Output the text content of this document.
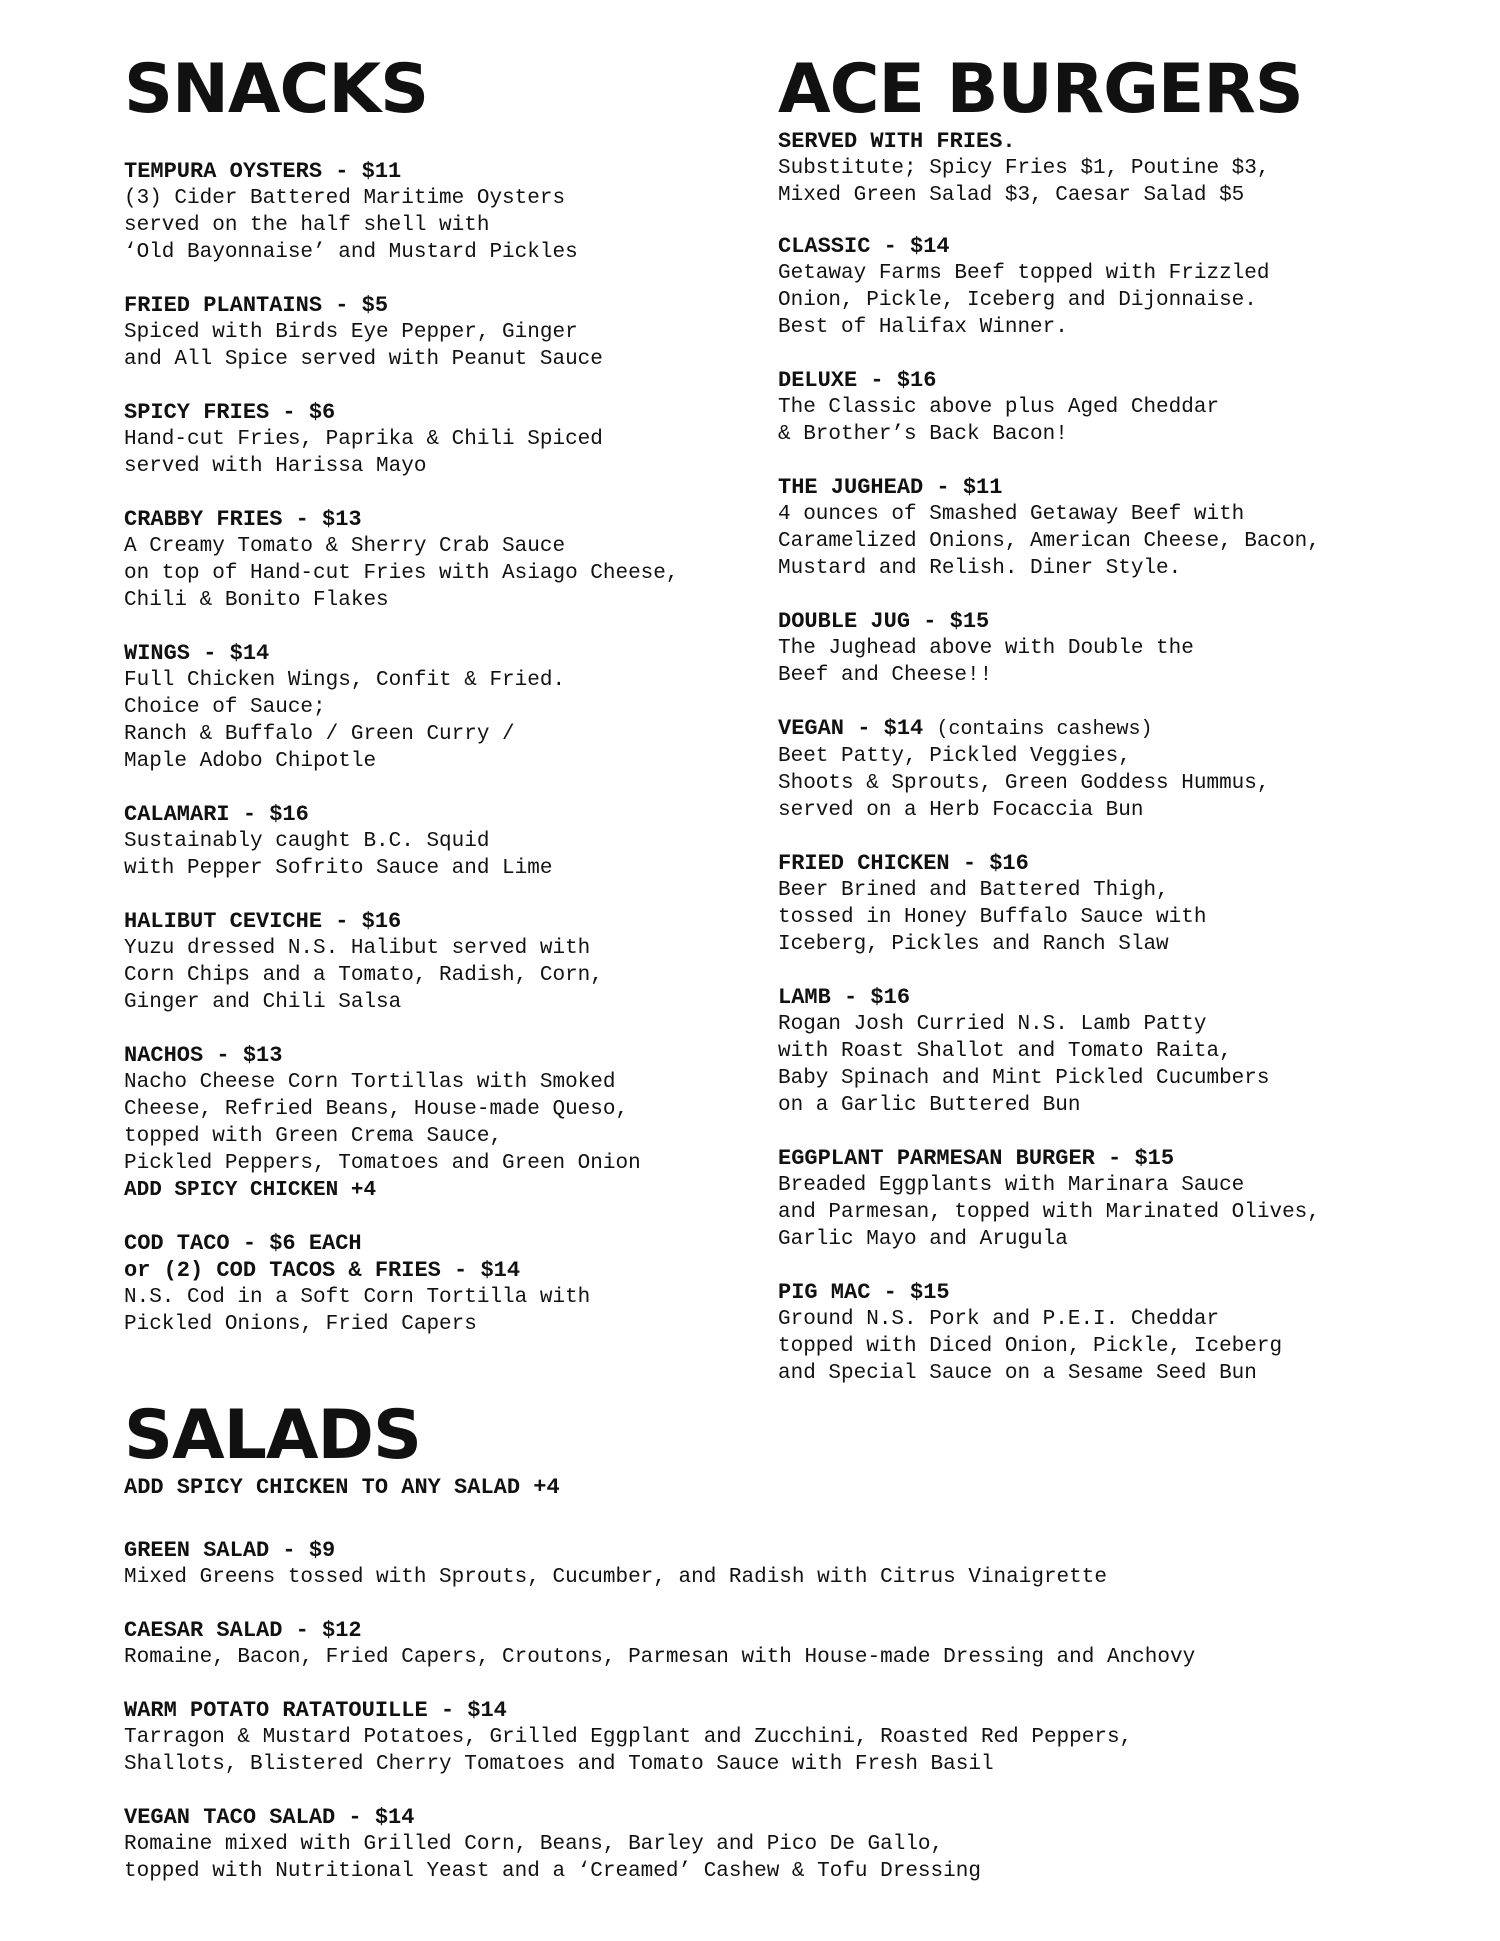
SNACKS
TEMPURA OYSTERS - $11
(3) Cider Battered Maritime Oysters
served on the half shell with
‘Old Bayonnaise’ and Mustard Pickles
FRIED PLANTAINS - $5
Spiced with Birds Eye Pepper, Ginger
and All Spice served with Peanut Sauce
SPICY FRIES - $6
Hand-cut Fries, Paprika & Chili Spiced
served with Harissa Mayo
CRABBY FRIES - $13
A Creamy Tomato & Sherry Crab Sauce
on top of Hand-cut Fries with Asiago Cheese,
Chili & Bonito Flakes
WINGS - $14
Full Chicken Wings, Confit & Fried.
Choice of Sauce;
Ranch & Buffalo / Green Curry /
Maple Adobo Chipotle
CALAMARI - $16
Sustainably caught B.C. Squid
with Pepper Sofrito Sauce and Lime
HALIBUT CEVICHE - $16
Yuzu dressed N.S. Halibut served with
Corn Chips and a Tomato, Radish, Corn,
Ginger and Chili Salsa
NACHOS - $13
Nacho Cheese Corn Tortillas with Smoked
Cheese, Refried Beans, House-made Queso,
topped with Green Crema Sauce,
Pickled Peppers, Tomatoes and Green Onion
ADD SPICY CHICKEN +4
COD TACO - $6 EACH
or (2) COD TACOS & FRIES - $14
N.S. Cod in a Soft Corn Tortilla with
Pickled Onions, Fried Capers
ACE BURGERS

SERVED WITH FRIES.

Substitute; Spicy Fries $1, Poutine $3,
Mixed Green Salad $3, Caesar Salad $5

CLASSIC - $14
Getaway Farms Beef topped with Frizzled
Onion, Pickle, Iceberg and Dijonnaise.
Best of Halifax Winner.
DELUXE - $16
The Classic above plus Aged Cheddar
& Brother’s Back Bacon!
THE JUGHEAD - $11
4 ounces of Smashed Getaway Beef with
Caramelized Onions, American Cheese, Bacon,
Mustard and Relish. Diner Style.
DOUBLE JUG - $15
The Jughead above with Double the
Beef and Cheese!!
VEGAN - $14 (contains cashews)
Beet Patty, Pickled Veggies,
Shoots & Sprouts, Green Goddess Hummus,
served on a Herb Focaccia Bun
FRIED CHICKEN - $16
Beer Brined and Battered Thigh,
tossed in Honey Buffalo Sauce with
Iceberg, Pickles and Ranch Slaw
LAMB - $16
Rogan Josh Curried N.S. Lamb Patty
with Roast Shallot and Tomato Raita,
Baby Spinach and Mint Pickled Cucumbers
on a Garlic Buttered Bun
EGGPLANT PARMESAN BURGER - $15
Breaded Eggplants with Marinara Sauce
and Parmesan, topped with Marinated Olives,
Garlic Mayo and Arugula
PIG MAC - $15
Ground N.S. Pork and P.E.I. Cheddar
topped with Diced Onion, Pickle, Iceberg
and Special Sauce on a Sesame Seed Bun
SALADS

ADD SPICY CHICKEN TO ANY SALAD +4

GREEN SALAD - $9
Mixed Greens tossed with Sprouts, Cucumber, and Radish with Citrus Vinaigrette
CAESAR SALAD - $12
Romaine, Bacon, Fried Capers, Croutons, Parmesan with House-made Dressing and Anchovy
WARM POTATO RATATOUILLE - $14
Tarragon & Mustard Potatoes, Grilled Eggplant and Zucchini, Roasted Red Peppers,
Shallots, Blistered Cherry Tomatoes and Tomato Sauce with Fresh Basil
VEGAN TACO SALAD - $14
Romaine mixed with Grilled Corn, Beans, Barley and Pico De Gallo,
topped with Nutritional Yeast and a ‘Creamed’ Cashew & Tofu Dressing
